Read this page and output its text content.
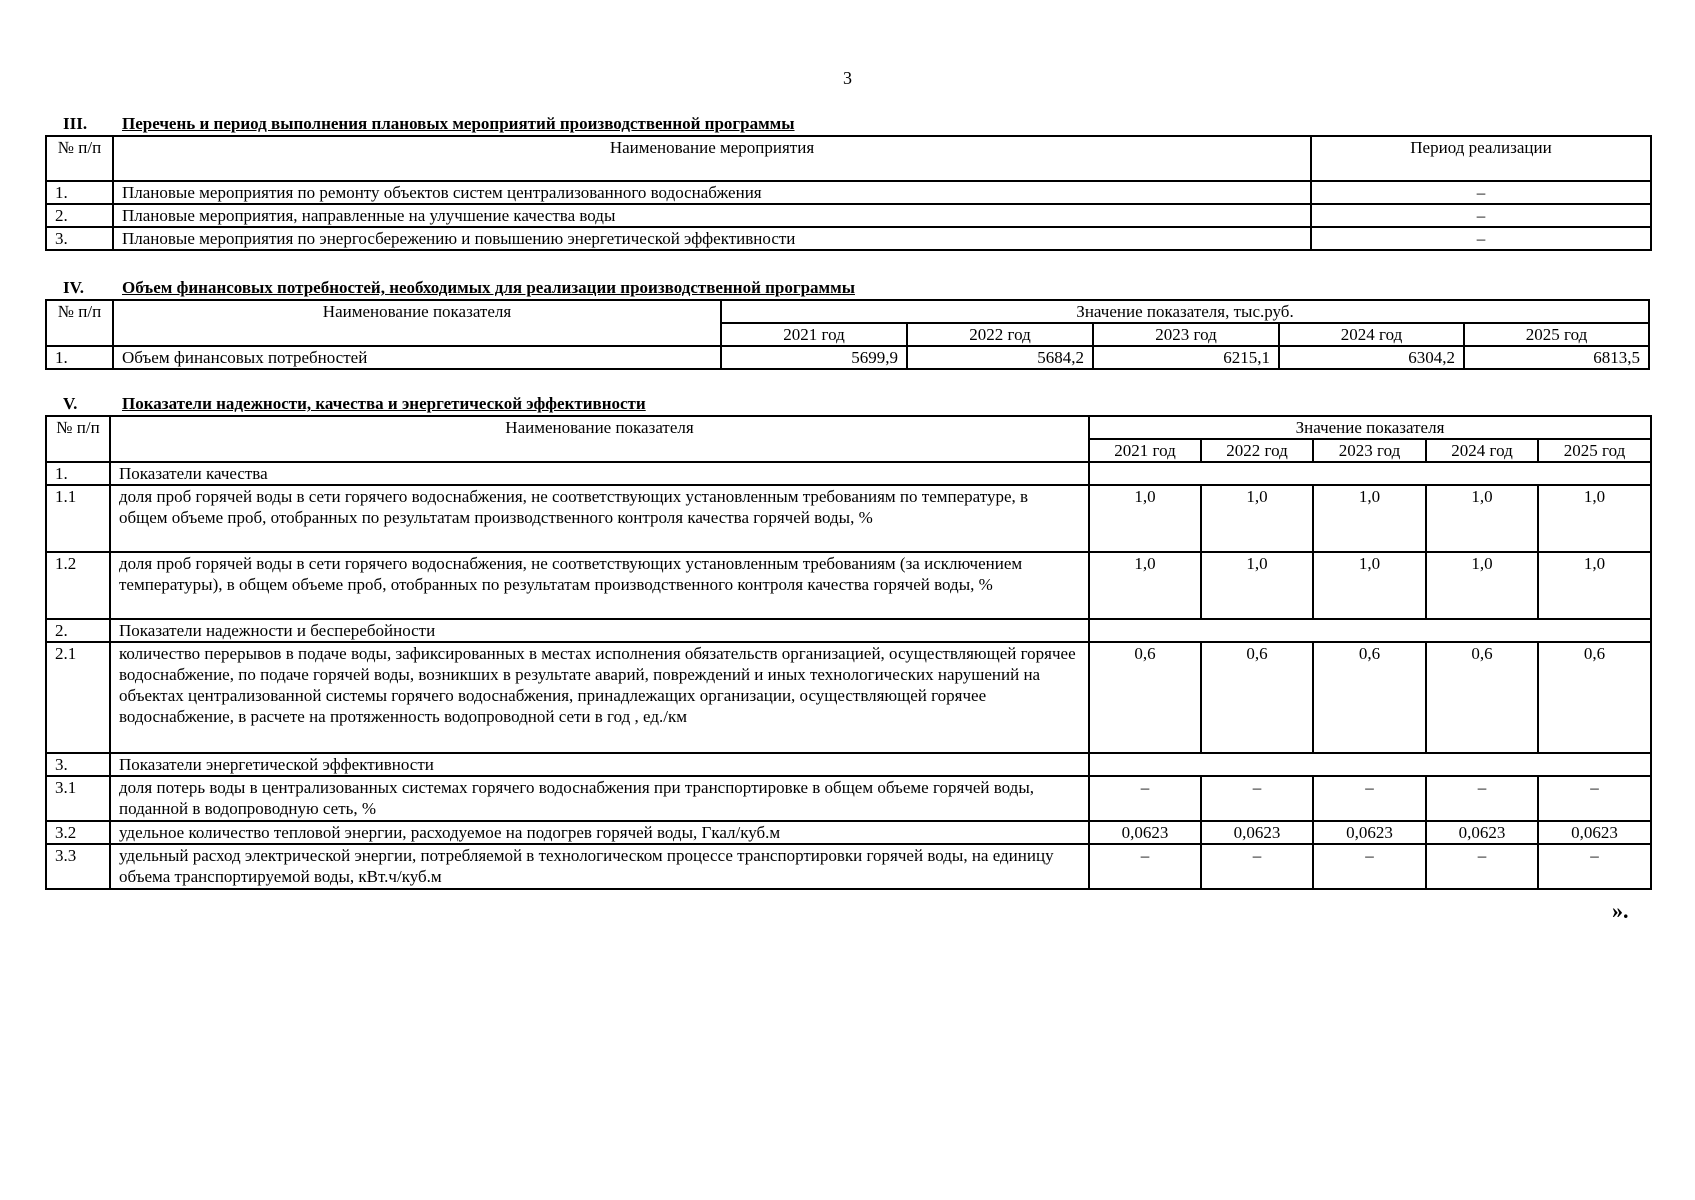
3
III. Перечень и период выполнения плановых мероприятий производственной программы
№ п/п	Наименование мероприятия	Период реализации
1.	Плановые мероприятия по ремонту объектов систем централизованного водоснабжения	–
2.	Плановые мероприятия, направленные на улучшение качества воды	–
3.	Плановые мероприятия по энергосбережению и повышению энергетической эффективности	–
IV. Объем финансовых потребностей, необходимых для реализации производственной программы
№ п/п	Наименование показателя	Значение показателя, тыс.руб.				
		2021 год	2022 год	2023 год	2024 год	2025 год
1.	Объем финансовых потребностей	5699,9	5684,2	6215,1	6304,2	6813,5
V.	Показатели надежности, качества и энергетической эффективности
№ п/п	Наименование показателя	Значение показателя				
		2021 год	2022 год	2023 год	2024 год	2025 год
1.	Показатели качества					
1.1	доля проб горячей воды в сети горячего водоснабжения, не соответствующих установленным требованиям по температуре, в общем объеме проб, отобранных по результатам производственного контроля качества горячей воды, %	1,0	1,0	1,0	1,0	1,0
1.2	доля проб горячей воды в сети горячего водоснабжения, не соответствующих установленным требованиям (за исключением температуры), в общем объеме проб, отобранных по результатам производственного контроля качества горячей воды, %	1,0	1,0	1,0	1,0	1,0
2.	Показатели надежности и бесперебойности					
2.1	количество перерывов в подаче воды, зафиксированных в местах исполнения обязательств организацией, осуществляющей горячее водоснабжение, по подаче горячей воды, возникших в результате аварий, повреждений и иных технологических нарушений на объектах централизованной системы горячего водоснабжения, принадлежащих организации, осуществляющей горячее водоснабжение, в расчете на протяженность водопроводной сети в год , ед./км	0,6	0,6	0,6	0,6	0,6
3.	Показатели энергетической эффективности					
3.1	доля потерь воды в централизованных системах горячего водоснабжения при транспортировке в общем объеме горячей воды, поданной в водопроводную сеть, %	–	–	–	–	–
3.2	удельное количество тепловой энергии, расходуемое на подогрев горячей воды, Гкал/куб.м	0,0623	0,0623	0,0623	0,0623	0,0623
3.3	удельный расход электрической энергии, потребляемой в технологическом процессе транспортировки горячей воды, на единицу объема транспортируемой воды, кВт.ч/куб.м	–	–	–	–	–
».
